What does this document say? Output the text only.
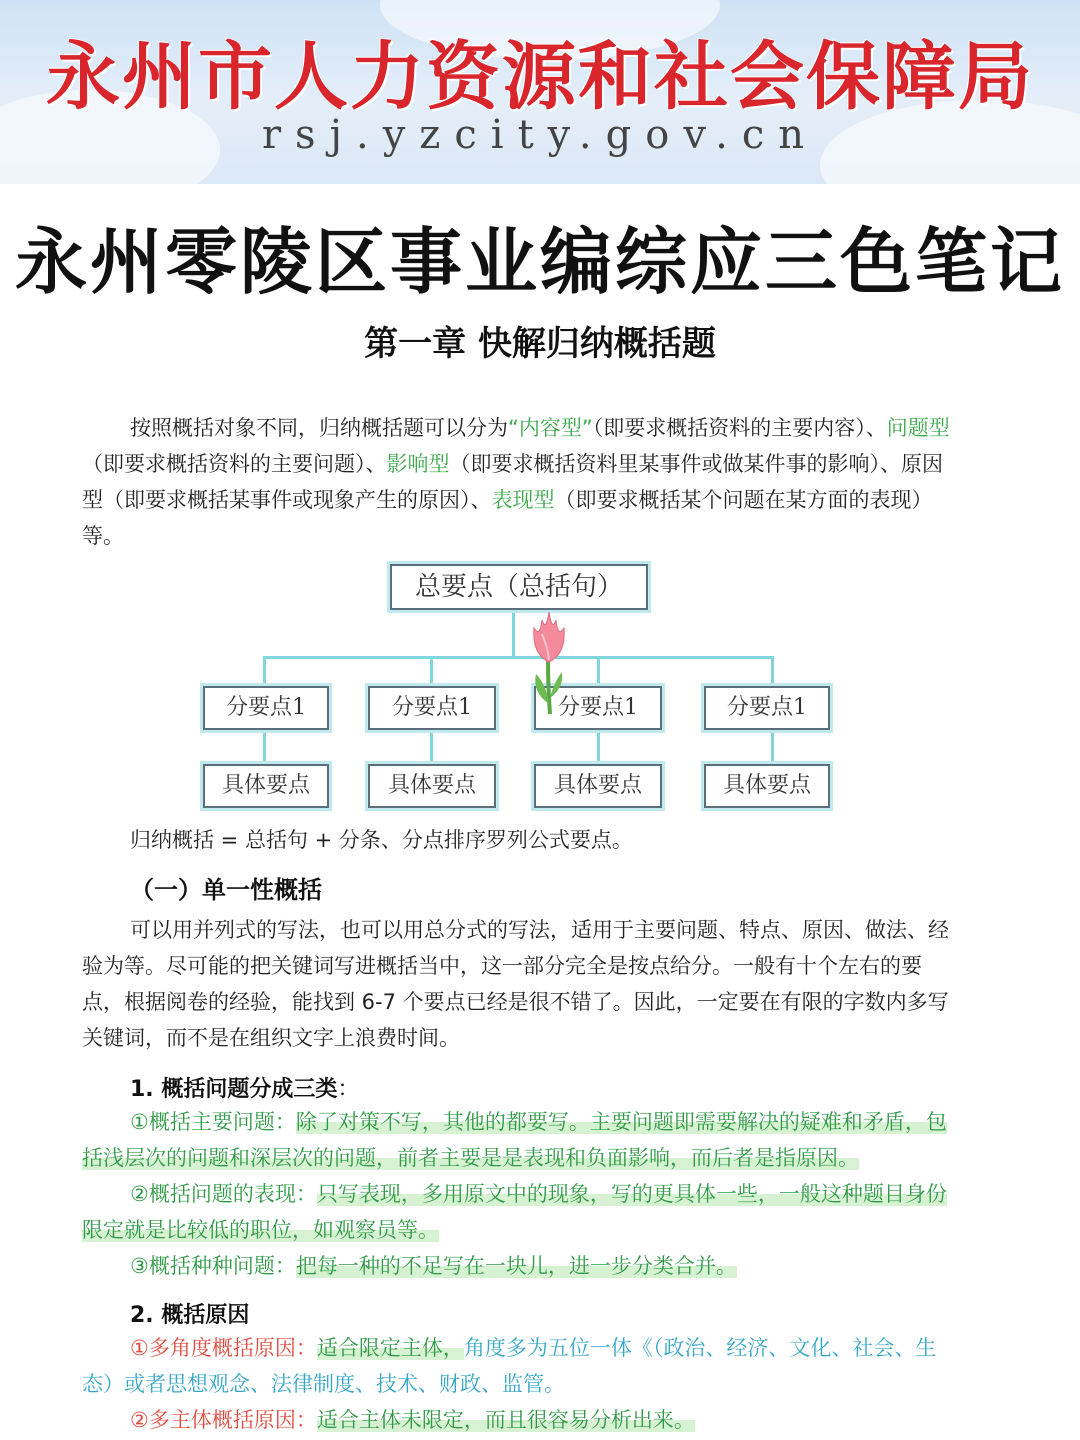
永州市人力资源和社会保障局
rsj.yzcity.gov.cn
永州零陵区事业编综应三色笔记
第一章 快解归纳概括题
按照概括对象不同，归纳概括题可以分为“内容型”（即要求概括资料的主要内容）、问题型（即要求概括资料的主要问题）、影响型（即要求概括资料里某事件或做某件事的影响）、原因型（即要求概括某事件或现象产生的原因）、表现型（即要求概括某个问题在某方面的表现）等。
总要点（总括句）
分要点1	分要点1	分要点1	分要点1
具体要点	具体要点	具体要点	具体要点
归纳概括 = 总括句 + 分条、分点排序罗列公式要点。
（一）单一性概括
可以用并列式的写法，也可以用总分式的写法，适用于主要问题、特点、原因、做法、经验为等。尽可能的把关键词写进概括当中，这一部分完全是按点给分。一般有十个左右的要点，根据阅卷的经验，能找到 6-7 个要点已经是很不错了。因此，一定要在有限的字数内多写关键词，而不是在组织文字上浪费时间。
1. 概括问题分成三类：
①概括主要问题：除了对策不写，其他的都要写。主要问题即需要解决的疑难和矛盾，包括浅层次的问题和深层次的问题，前者主要是是表现和负面影响，而后者是指原因。
②概括问题的表现：只写表现，多用原文中的现象，写的更具体一些，一般这种题目身份限定就是比较低的职位，如观察员等。
③概括种种问题：把每一种的不足写在一块儿，进一步分类合并。
2. 概括原因
①多角度概括原因：适合限定主体，角度多为五位一体《（政治、经济、文化、社会、生态）或者思想观念、法律制度、技术、财政、监管。
②多主体概括原因：适合主体未限定，而且很容易分析出来。
